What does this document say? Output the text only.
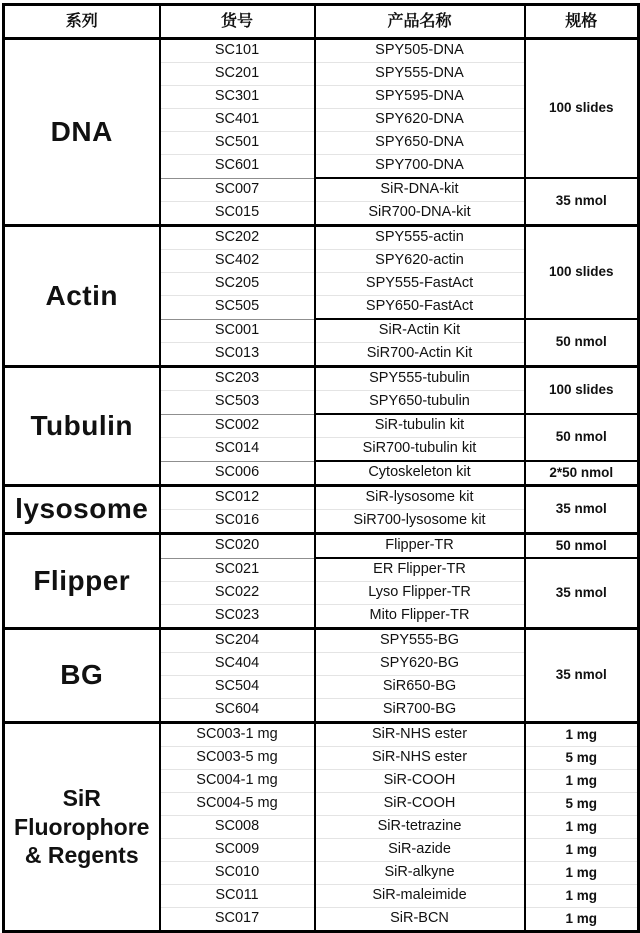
系列	货号	产品名称	规格
DNA	SC101	SPY505-DNA	100 slides
	SC201	SPY555-DNA	
	SC301	SPY595-DNA	
	SC401	SPY620-DNA	
	SC501	SPY650-DNA	
	SC601	SPY700-DNA	
	SC007	SiR-DNA-kit	35 nmol
	SC015	SiR700-DNA-kit	
Actin	SC202	SPY555-actin	100 slides
	SC402	SPY620-actin	
	SC205	SPY555-FastAct	
	SC505	SPY650-FastAct	
	SC001	SiR-Actin Kit	50 nmol
	SC013	SiR700-Actin Kit	
Tubulin	SC203	SPY555-tubulin	100 slides
	SC503	SPY650-tubulin	
	SC002	SiR-tubulin kit	50 nmol
	SC014	SiR700-tubulin kit	
	SC006	Cytoskeleton kit	2*50 nmol
lysosome	SC012	SiR-lysosome kit	35 nmol
	SC016	SiR700-lysosome kit	
Flipper	SC020	Flipper-TR	50 nmol
	SC021	ER Flipper-TR	35 nmol
	SC022	Lyso Flipper-TR	
	SC023	Mito Flipper-TR	
BG	SC204	SPY555-BG	35 nmol
	SC404	SPY620-BG	
	SC504	SiR650-BG	
	SC604	SiR700-BG	
SiR Fluorophore & Regents	SC003-1 mg	SiR-NHS ester	1 mg
	SC003-5 mg	SiR-NHS ester	5 mg
	SC004-1 mg	SiR-COOH	1 mg
	SC004-5 mg	SiR-COOH	5 mg
	SC008	SiR-tetrazine	1 mg
	SC009	SiR-azide	1 mg
	SC010	SiR-alkyne	1 mg
	SC011	SiR-maleimide	1 mg
	SC017	SiR-BCN	1 mg
